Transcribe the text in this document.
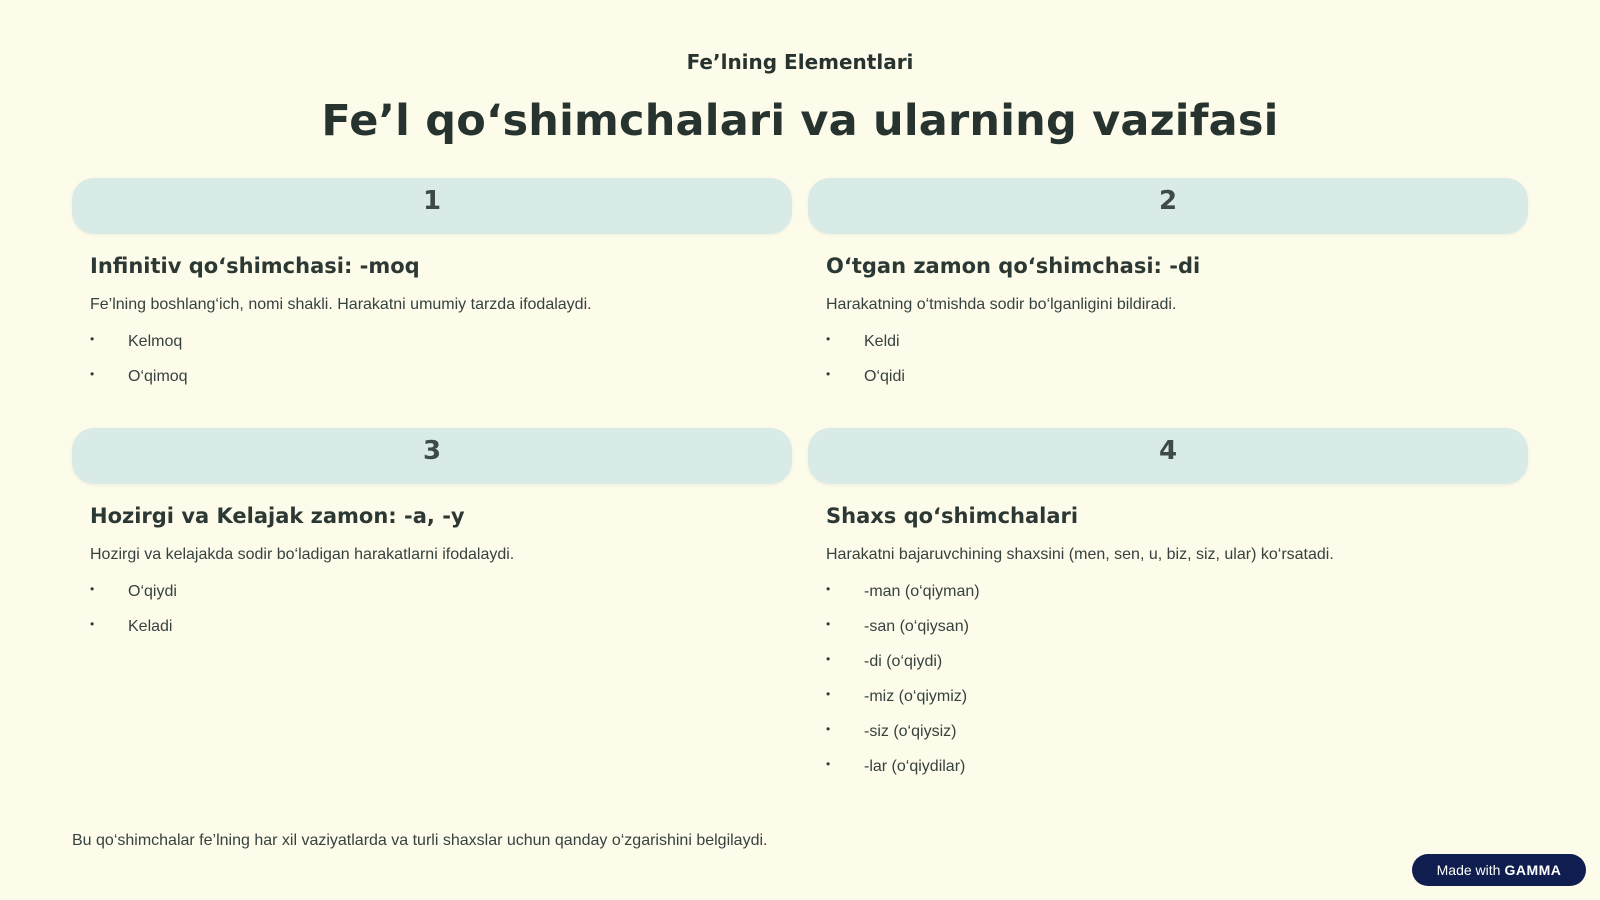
Fe’lning Elementlari
Fe’l qo‘shimchalari va ularning vazifasi
1
Infinitiv qo‘shimchasi: -moq
Fe’lning boshlang‘ich, nomi shakli. Harakatni umumiy tarzda ifodalaydi.
• Kelmoq
• O‘qimoq
2
O‘tgan zamon qo‘shimchasi: -di
Harakatning o‘tmishda sodir bo‘lganligini bildiradi.
• Keldi
• O‘qidi
3
Hozirgi va Kelajak zamon: -a, -y
Hozirgi va kelajakda sodir bo‘ladigan harakatlarni ifodalaydi.
• O‘qiydi
• Keladi
4
Shaxs qo‘shimchalari
Harakatni bajaruvchining shaxsini (men, sen, u, biz, siz, ular) ko‘rsatadi.
• -man (o‘qiyman)
• -san (o‘qiysan)
• -di (o‘qiydi)
• -miz (o‘qiymiz)
• -siz (o‘qiysiz)
• -lar (o‘qiydilar)
Bu qo‘shimchalar fe’lning har xil vaziyatlarda va turli shaxslar uchun qanday o‘zgarishini belgilaydi.
Made with GAMMA
